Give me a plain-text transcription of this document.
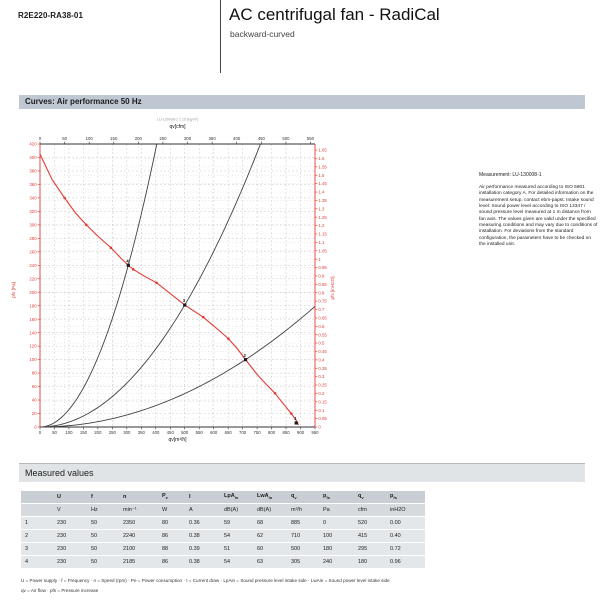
R2E220-RA38-01	AC centrifugal fan - RadiCal
backward-curved
Curves: Air performance 50 Hz
0	50 100 150 200 250 300 350 400 450 500 550 600 650 700 750 800 850 900 950
0	50	100	150	200	250	300	350	400	450	500	550
0
20
40
60
80
100
120
140
160
180
200
220
240
260
280
300
320
340
360
380
400
420
0
0.05
0.1
0.15
0.2
0.25
0.3
0.35
0.4
0.45
0.5
0.55
0.6
0.65
0.7
0.75
0.8
0.85
0.9
0.95
1
1.05
1.1
1.15
1.2
1.25
1.3
1.35
1.4
1.45
1.5
1.55
1.6
1.65
1
2
3
4
LU-130008-1 1.15 [kg/m³]
qv[cfm]
qv[m³/h]
pfs [Pa]	pfs [inH2O]
Measurement: LU-130008-1
Air performance measured according to ISO 5801 installation category A. For detailed information on the measurement setup, contact ebm-papst. Intake sound level: Sound power level according to ISO 13347 / sound pressure level measured at 1 m distance from fan axis. The values given are valid under the specified measuring conditions and may vary due to conditions of installation. For deviations from the standard configuration, the parameters have to be checked on the installed unit.
Measured values
	U	f	n	$P_e$	I	LpA$_{in}$	LwA$_{in}$	$q_v$	$p_{fs}$	$q_v$	$p_{fs}$
	V	Hz	min⁻¹	W	A	dB(A)	dB(A)	m³/h	Pa	cfm	inH2O
1	230	50	2350	80	0.36	59	68	885	0	520	0.00
2	230	50	2240	86	0.38	54	62	710	100	415	0.40
3	230	50	2100	88	0.39	51	60	500	180	295	0.72
4	230	50	2185	86	0.38	54	63	305	240	180	0.96
U = Power supply · f = Frequency · n = Speed (rpm) · Pe = Power consumption · I = Current draw · LpAin = Sound pressure level intake side · LwAin = Sound power level intake side
qv = Air flow · pfs = Pressure increase
